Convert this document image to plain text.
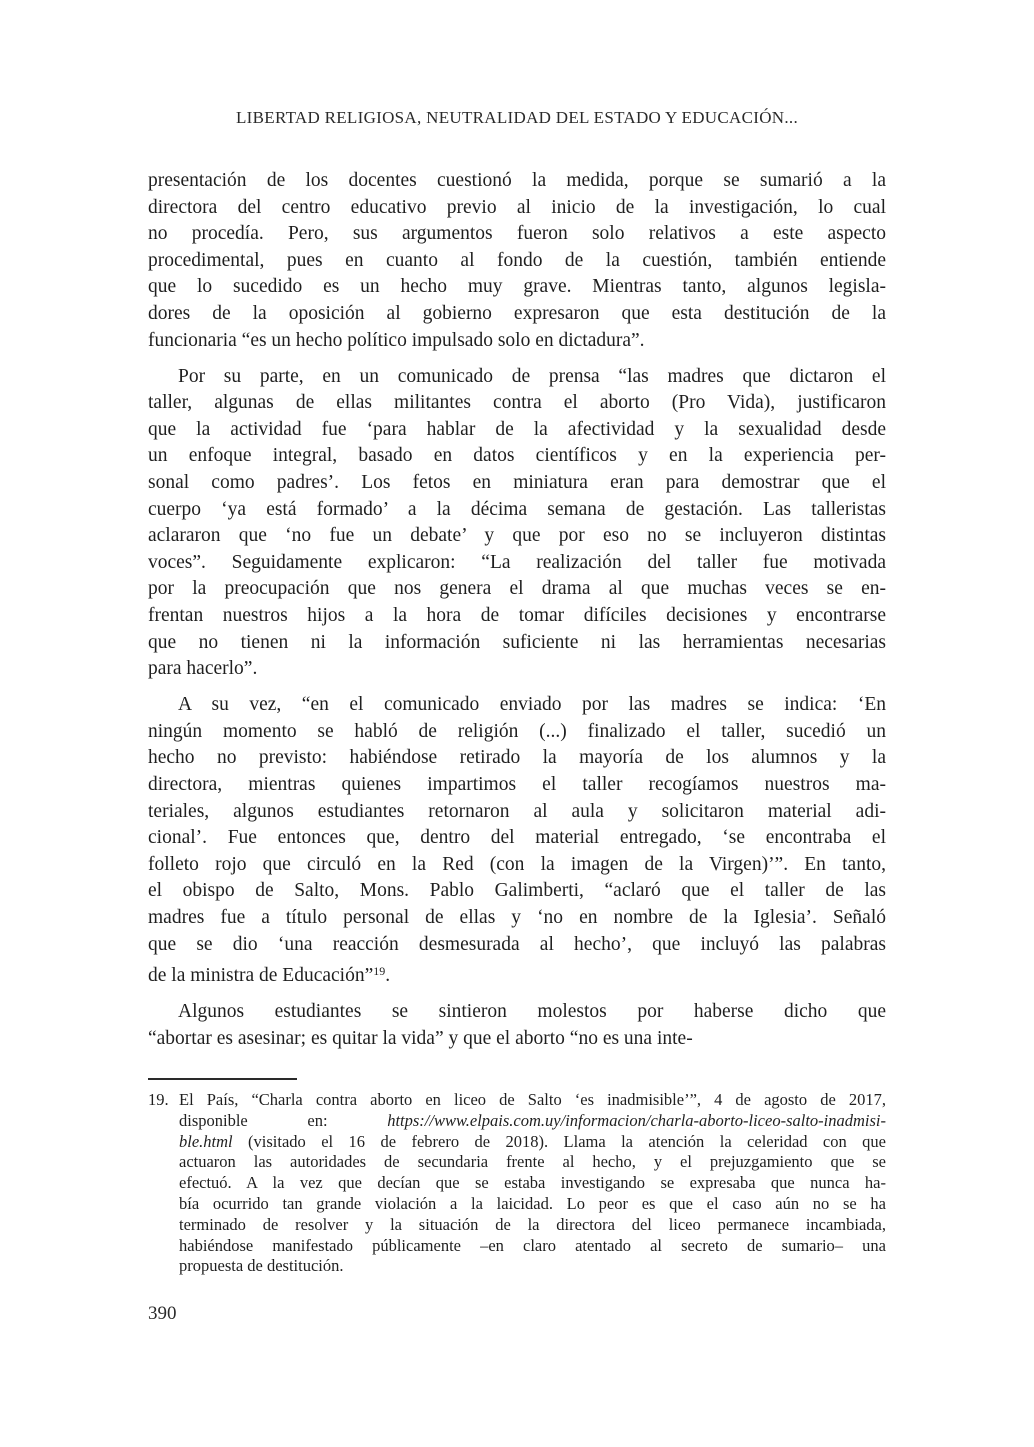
LIBERTAD RELIGIOSA, NEUTRALIDAD DEL ESTADO Y EDUCACIÓN...
presentación de los docentes cuestionó la medida, porque se sumarió a la
directora del centro educativo previo al inicio de la investigación, lo cual
no procedía. Pero, sus argumentos fueron solo relativos a este aspecto
procedimental, pues en cuanto al fondo de la cuestión, también entiende
que lo sucedido es un hecho muy grave. Mientras tanto, algunos legisla-
dores de la oposición al gobierno expresaron que esta destitución de la
funcionaria “es un hecho político impulsado solo en dictadura”.
Por su parte, en un comunicado de prensa “las madres que dictaron el
taller, algunas de ellas militantes contra el aborto (Pro Vida), justificaron
que la actividad fue ‘para hablar de la afectividad y la sexualidad desde
un enfoque integral, basado en datos científicos y en la experiencia per-
sonal como padres’. Los fetos en miniatura eran para demostrar que el
cuerpo ‘ya está formado’ a la décima semana de gestación. Las talleristas
aclararon que ‘no fue un debate’ y que por eso no se incluyeron distintas
voces”. Seguidamente explicaron: “La realización del taller fue motivada
por la preocupación que nos genera el drama al que muchas veces se en-
frentan nuestros hijos a la hora de tomar difíciles decisiones y encontrarse
que no tienen ni la información suficiente ni las herramientas necesarias
para hacerlo”.
A su vez, “en el comunicado enviado por las madres se indica: ‘En
ningún momento se habló de religión (...) finalizado el taller, sucedió un
hecho no previsto: habiéndose retirado la mayoría de los alumnos y la
directora, mientras quienes impartimos el taller recogíamos nuestros ma-
teriales, algunos estudiantes retornaron al aula y solicitaron material adi-
cional’. Fue entonces que, dentro del material entregado, ‘se encontraba el
folleto rojo que circuló en la Red (con la imagen de la Virgen)’”. En tanto,
el obispo de Salto, Mons. Pablo Galimberti, “aclaró que el taller de las
madres fue a título personal de ellas y ‘no en nombre de la Iglesia’. Señaló
que se dio ‘una reacción desmesurada al hecho’, que incluyó las palabras
de la ministra de Educación”$^{19}$.
Algunos estudiantes se sintieron molestos por haberse dicho que
“abortar es asesinar; es quitar la vida” y que el aborto “no es una inte-
19. El País, “Charla contra aborto en liceo de Salto ‘es inadmisible’”, 4 de agosto de 2017,
disponible en: https://www.elpais.com.uy/informacion/charla-aborto-liceo-salto-inadmisi-
ble.html (visitado el 16 de febrero de 2018). Llama la atención la celeridad con que
actuaron las autoridades de secundaria frente al hecho, y el prejuzgamiento que se
efectuó. A la vez que decían que se estaba investigando se expresaba que nunca ha-
bía ocurrido tan grande violación a la laicidad. Lo peor es que el caso aún no se ha
terminado de resolver y la situación de la directora del liceo permanece incambiada,
habiéndose manifestado públicamente –en claro atentado al secreto de sumario– una
propuesta de destitución.
390
